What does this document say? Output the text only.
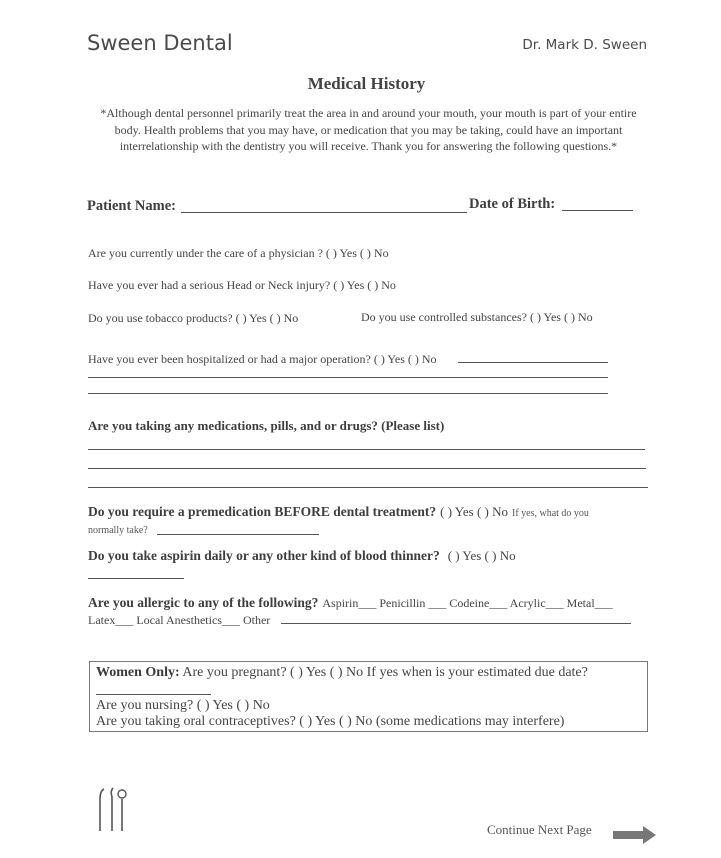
Sween Dental	Dr. Mark D. Sween
Medical History
*Although dental personnel primarily treat the area in and around your mouth, your mouth is part of your entire body. Health problems that you may have, or medication that you may be taking, could have an important interrelationship with the dentistry you will receive. Thank you for answering the following questions.*
Patient Name:	Date of Birth:
Are you currently under the care of a physician ? ( ) Yes ( ) No
Have you ever had a serious Head or Neck injury? ( ) Yes ( ) No
Do you use tobacco products? ( ) Yes ( ) No	Do you use controlled substances? ( ) Yes ( ) No
Have you ever been hospitalized or had a major operation? ( ) Yes ( ) No
Are you taking any medications, pills, and or drugs? (Please list)
Do you require a premedication BEFORE dental treatment? ( ) Yes ( ) No If yes, what do you
normally take?
Do you take aspirin daily or any other kind of blood thinner? ( ) Yes ( ) No
Are you allergic to any of the following? Aspirin___ Penicillin ___ Codeine___ Acrylic___ Metal___
Latex___ Local Anesthetics___ Other
Women Only: Are you pregnant? ( ) Yes ( ) No If yes when is your estimated due date?
Are you nursing? ( ) Yes ( ) No
Are you taking oral contraceptives? ( ) Yes ( ) No (some medications may interfere)
Continue Next Page
